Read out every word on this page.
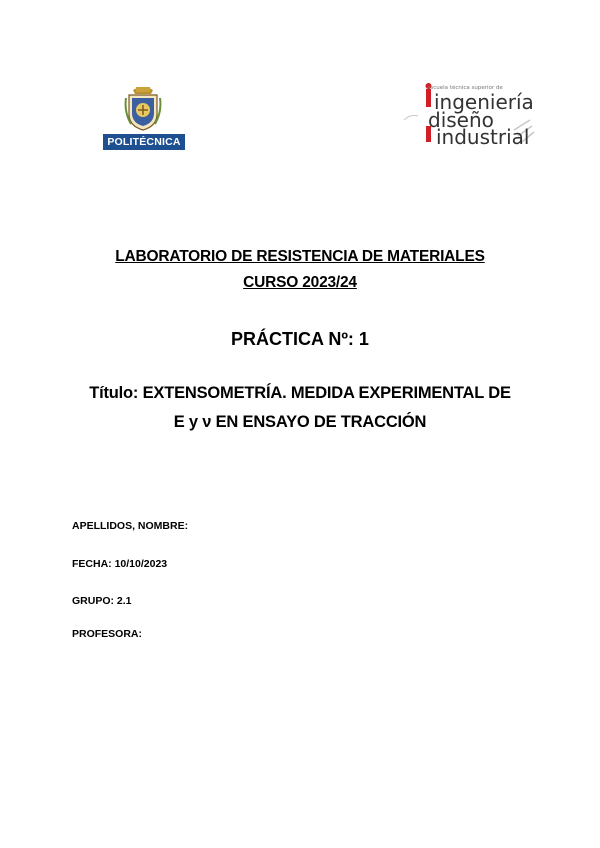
POLITÉCNICA
escuela técnica superior de
ingeniería
diseño
industrial
LABORATORIO DE RESISTENCIA DE MATERIALES
CURSO 2023/24
PRÁCTICA Nº: 1
Título: EXTENSOMETRÍA. MEDIDA EXPERIMENTAL DE
E y ν EN ENSAYO DE TRACCIÓN
APELLIDOS, NOMBRE:
FECHA: 10/10/2023
GRUPO: 2.1
PROFESORA:
